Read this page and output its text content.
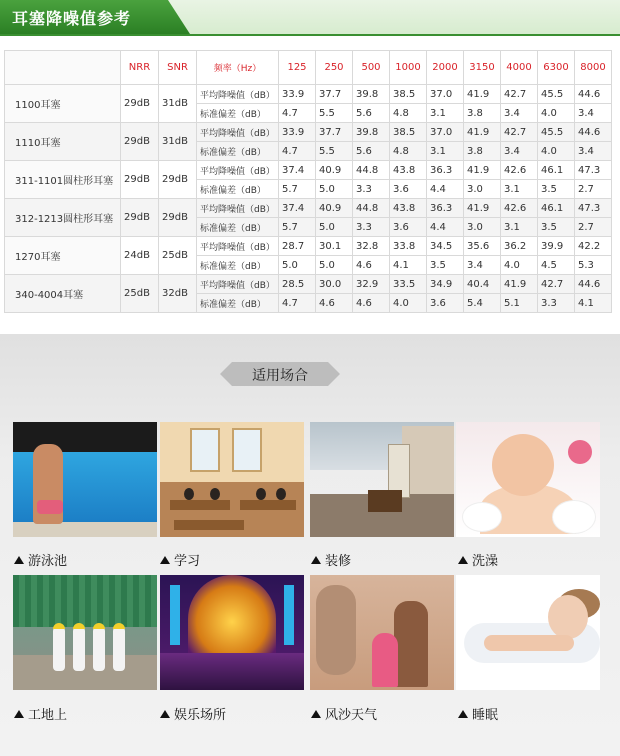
耳塞降噪值参考
	NRR	SNR	频率（Hz）	125	250	500	1000	2000	3150	4000	6300	8000
1100耳塞	29dB	31dB	平均降噪值（dB）	33.9	37.7	39.8	38.5	37.0	41.9	42.7	45.5	44.6
			标准偏差（dB）	4.7	5.5	5.6	4.8	3.1	3.8	3.4	4.0	3.4
1110耳塞	29dB	31dB	平均降噪值（dB）	33.9	37.7	39.8	38.5	37.0	41.9	42.7	45.5	44.6
			标准偏差（dB）	4.7	5.5	5.6	4.8	3.1	3.8	3.4	4.0	3.4
311-1101圆柱形耳塞	29dB	29dB	平均降噪值（dB）	37.4	40.9	44.8	43.8	36.3	41.9	42.6	46.1	47.3
			标准偏差（dB）	5.7	5.0	3.3	3.6	4.4	3.0	3.1	3.5	2.7
312-1213圆柱形耳塞	29dB	29dB	平均降噪值（dB）	37.4	40.9	44.8	43.8	36.3	41.9	42.6	46.1	47.3
			标准偏差（dB）	5.7	5.0	3.3	3.6	4.4	3.0	3.1	3.5	2.7
1270耳塞	24dB	25dB	平均降噪值（dB）	28.7	30.1	32.8	33.8	34.5	35.6	36.2	39.9	42.2
			标准偏差（dB）	5.0	5.0	4.6	4.1	3.5	3.4	4.0	4.5	5.3
340-4004耳塞	25dB	32dB	平均降噪值（dB）	28.5	30.0	32.9	33.5	34.9	40.4	41.9	42.7	44.6
			标准偏差（dB）	4.7	4.6	4.6	4.0	3.6	5.4	5.1	3.3	4.1
适用场合
游泳池	学习	装修	洗澡
工地上	娱乐场所	风沙天气	睡眠
